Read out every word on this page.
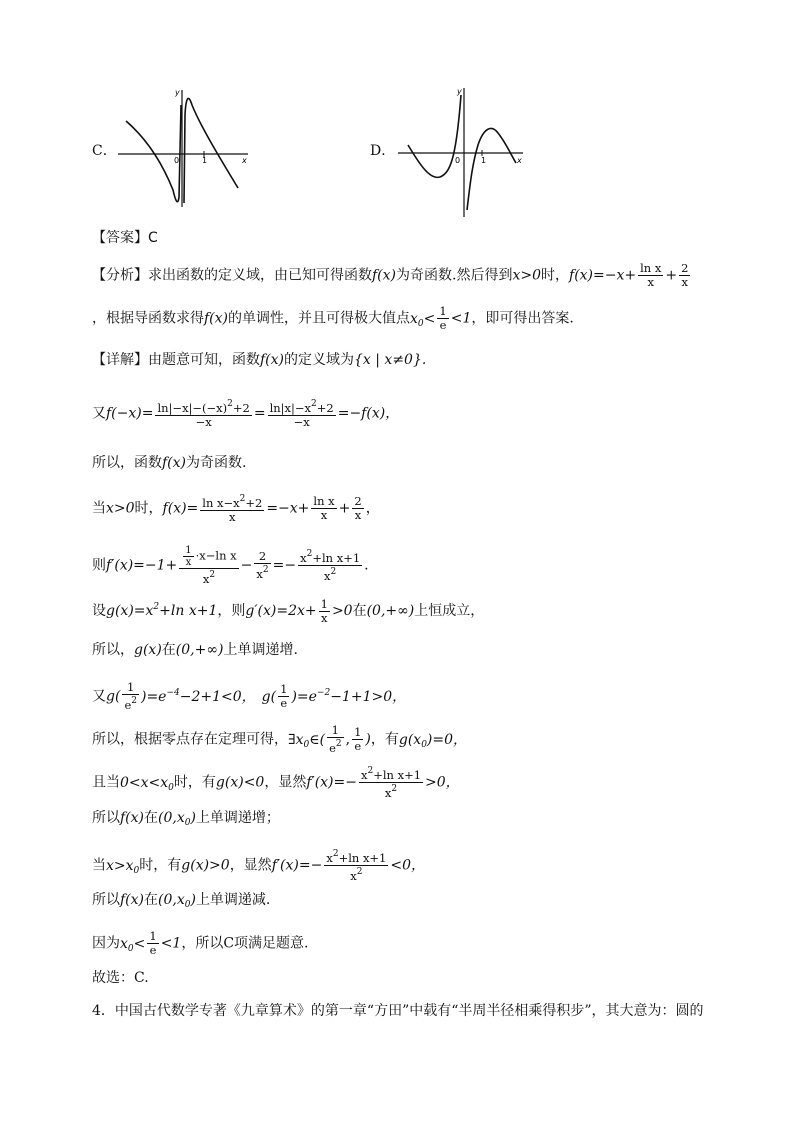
C．
x
y
0	1
D．
x
y
0	1
【答案】C
【分析】求出函数的定义域，由已知可得函数f(x)为奇函数.然后得到x>0时，$f(x)=-x+ \frac{\text{ln x}}{x} + \frac{2}{x}$
，根据导函数求得f(x)的单调性，并且可得极大值点$x_0< \frac{1}{e} <1$，即可得出答案.
【详解】由题意可知，函数f(x)的定义域为{x | x≠0}.
又$f(-x)= \frac{\ln|-x|-(-x)^2+2}{-x} = \frac{\ln|x|-x^2+2}{-x} =-f(x)$，
所以，函数f(x)为奇函数.
当x>0时，$f(x)= \frac{\ln x-x^2+2}{x} =-x+ \frac{\text{ln x}}{x} + \frac{2}{x}$ ，
则$f'(x)=-1+ \frac{\frac{1}{x} \cdot x-\ln x}{x^2} - \frac{2}{x^2} =- \frac{x^2+\ln x+1}{x^2}$ .
设$g(x)=x^2+\ln$ x+1，则$g'(x)=2x+ \frac{1}{x} >0$在(0,+∞)上恒成立，
所以，g(x)在(0,+∞)上单调递增.
又$g( \frac{1}{e^2} )=e^{-4}-2+1<0$， $g( \frac{1}{e} )=e^{-2}-1+1>0$，
所以，根据零点存在定理可得，$\exists x_0\in( \frac{1}{e^2}$ , $\frac{1}{e}$ )，有$g(x_0)=0$，
且当$0<x<x_0$时，有g(x)<0，显然$f'(x)=- \frac{x^2+\ln x+1}{x^2} >0$，
所以f(x)在$(0,x_0)$上单调递增；
当$x>x_0$时，有g(x)>0，显然$f'(x)=- \frac{x^2+\ln x+1}{x^2} <0$，
所以f(x)在$(0,x_0)$上单调递减.
因为$x_0< \frac{1}{e} <1$，所以C项满足题意.
故选：C.
4．中国古代数学专著《九章算术》的第一章“方田”中载有“半周半径相乘得积步”，其大意为：圆的
